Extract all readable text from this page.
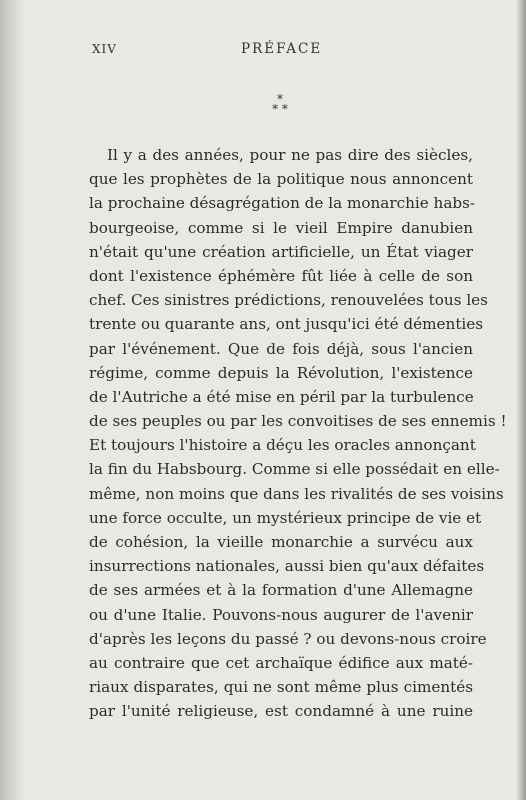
XIV	PRÉFACE
*
* *
Il y a des années, pour ne pas dire des siècles,
que les prophètes de la politique nous annoncent
la prochaine désagrégation de la monarchie habs-
bourgeoise, comme si le vieil Empire danubien
n'était qu'une création artificielle, un État viager
dont l'existence éphémère fût liée à celle de son
chef. Ces sinistres prédictions, renouvelées tous les
trente ou quarante ans, ont jusqu'ici été démenties
par l'événement. Que de fois déjà, sous l'ancien
régime, comme depuis la Révolution, l'existence
de l'Autriche a été mise en péril par la turbulence
de ses peuples ou par les convoitises de ses ennemis !
Et toujours l'histoire a déçu les oracles annonçant
la fin du Habsbourg. Comme si elle possédait en elle-
même, non moins que dans les rivalités de ses voisins
une force occulte, un mystérieux principe de vie et
de cohésion, la vieille monarchie a survécu aux
insurrections nationales, aussi bien qu'aux défaites
de ses armées et à la formation d'une Allemagne
ou d'une Italie. Pouvons-nous augurer de l'avenir
d'après les leçons du passé ? ou devons-nous croire
au contraire que cet archaïque édifice aux maté-
riaux disparates, qui ne sont même plus cimentés
par l'unité religieuse, est condamné à une ruine
